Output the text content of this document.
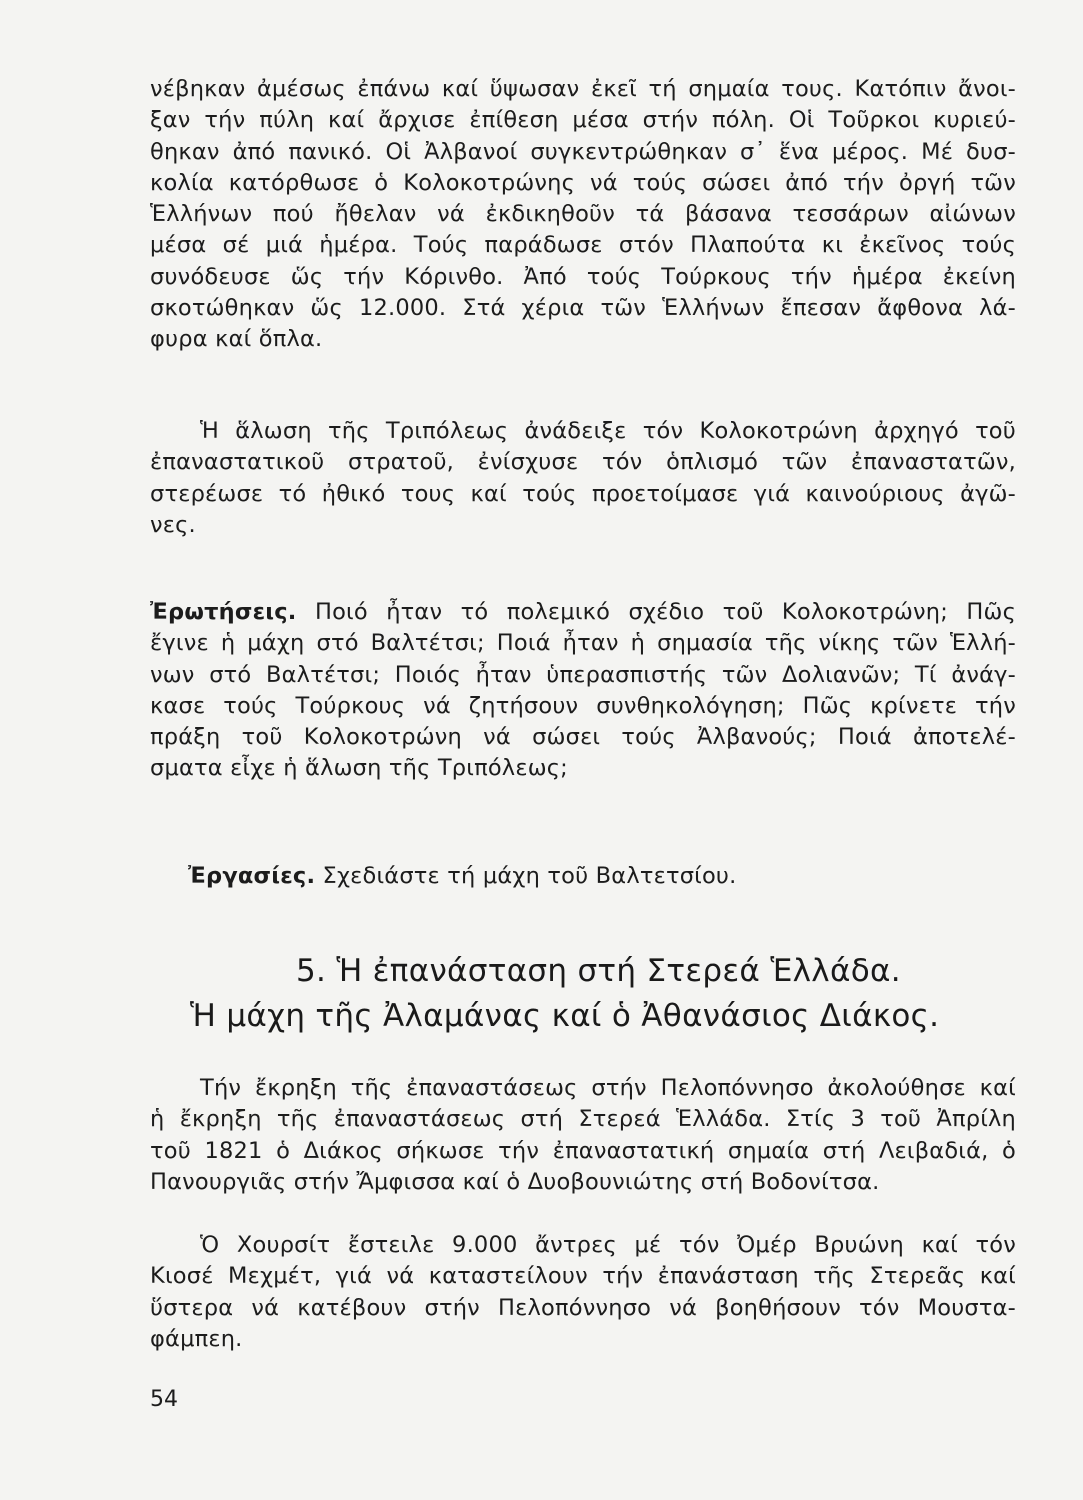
νέβηκαν ἀμέσως ἐπάνω καί ὕψωσαν ἐκεῖ τή σημαία τους. Κατόπιν ἄνοι-
ξαν τήν πύλη καί ἄρχισε ἐπίθεση μέσα στήν πόλη. Οἱ Τοῦρκοι κυριεύ-
θηκαν ἀπό πανικό. Οἱ Ἀλβανοί συγκεντρώθηκαν σ᾿ ἕνα μέρος. Μέ δυσ-
κολία κατόρθωσε ὁ Κολοκοτρώνης νά τούς σώσει ἀπό τήν ὀργή τῶν
Ἑλλήνων πού ἤθελαν νά ἐκδικηθοῦν τά βάσανα τεσσάρων αἰώνων
μέσα σέ μιά ἡμέρα. Τούς παράδωσε στόν Πλαπούτα κι ἐκεῖνος τούς
συνόδευσε ὥς τήν Κόρινθο. Ἀπό τούς Τούρκους τήν ἡμέρα ἐκείνη
σκοτώθηκαν ὥς 12.000. Στά χέρια τῶν Ἑλλήνων ἔπεσαν ἄφθονα λά-
φυρα καί ὅπλα.
Ἡ ἅλωση τῆς Τριπόλεως ἀνάδειξε τόν Κολοκοτρώνη ἀρχηγό τοῦ
ἐπαναστατικοῦ στρατοῦ, ἐνίσχυσε τόν ὁπλισμό τῶν ἐπαναστατῶν,
στερέωσε τό ἠθικό τους καί τούς προετοίμασε γιά καινούριους ἀγῶ-
νες.
Ἐρωτήσεις. Ποιό ἦταν τό πολεμικό σχέδιο τοῦ Κολοκοτρώνη; Πῶς
ἔγινε ἡ μάχη στό Βαλτέτσι; Ποιά ἦταν ἡ σημασία τῆς νίκης τῶν Ἑλλή-
νων στό Βαλτέτσι; Ποιός ἦταν ὑπερασπιστής τῶν Δολιανῶν; Τί ἀνάγ-
κασε τούς Τούρκους νά ζητήσουν συνθηκολόγηση; Πῶς κρίνετε τήν
πράξη τοῦ Κολοκοτρώνη νά σώσει τούς Ἀλβανούς; Ποιά ἀποτελέ-
σματα εἶχε ἡ ἅλωση τῆς Τριπόλεως;
Ἐργασίες. Σχεδιάστε τή μάχη τοῦ Βαλτετσίου.
5. Ἡ ἐπανάσταση στή Στερεά Ἑλλάδα.
Ἡ μάχη τῆς Ἀλαμάνας καί ὁ Ἀθανάσιος Διάκος.
Τήν ἔκρηξη τῆς ἐπαναστάσεως στήν Πελοπόννησο ἀκολούθησε καί
ἡ ἔκρηξη τῆς ἐπαναστάσεως στή Στερεά Ἑλλάδα. Στίς 3 τοῦ Ἀπρίλη
τοῦ 1821 ὁ Διάκος σήκωσε τήν ἐπαναστατική σημαία στή Λειβαδιά, ὁ
Πανουργιᾶς στήν Ἄμφισσα καί ὁ Δυοβουνιώτης στή Βοδονίτσα.
Ὁ Χουρσίτ ἔστειλε 9.000 ἄντρες μέ τόν Ὀμέρ Βρυώνη καί τόν
Κιοσέ Μεχμέτ, γιά νά καταστείλουν τήν ἐπανάσταση τῆς Στερεᾶς καί
ὕστερα νά κατέβουν στήν Πελοπόννησο νά βοηθήσουν τόν Μουστα-
φάμπεη.
54
